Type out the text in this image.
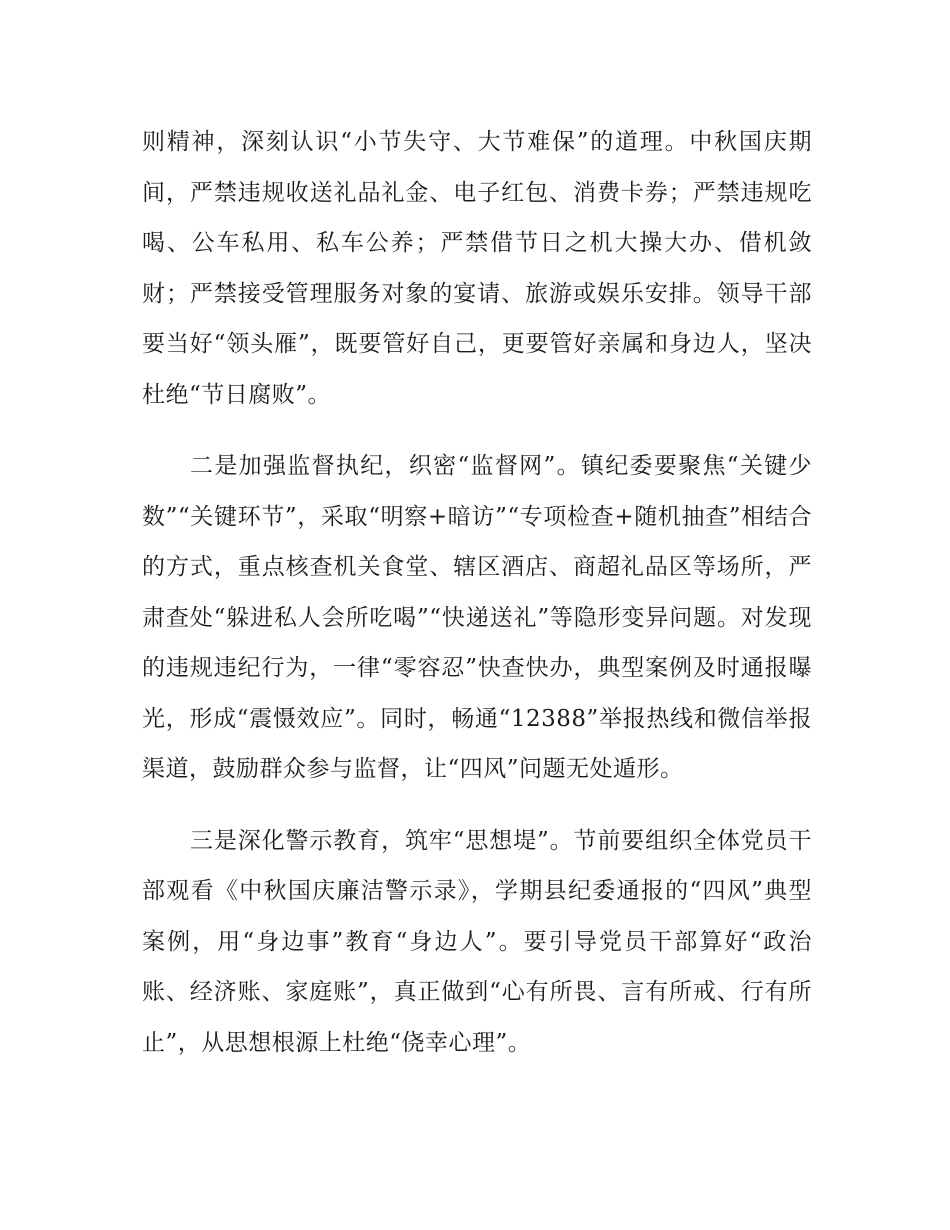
则精神，深刻认识“小节失守、大节难保”的道理。中秋国庆期间，严禁违规收送礼品礼金、电子红包、消费卡券；严禁违规吃喝、公车私用、私车公养；严禁借节日之机大操大办、借机敛财；严禁接受管理服务对象的宴请、旅游或娱乐安排。领导干部要当好“领头雁”，既要管好自己，更要管好亲属和身边人，坚决杜绝“节日腐败”。

二是加强监督执纪，织密“监督网”。镇纪委要聚焦“关键少数”“关键环节”，采取“明察+暗访”“专项检查+随机抽查”相结合的方式，重点核查机关食堂、辖区酒店、商超礼品区等场所，严肃查处“躲进私人会所吃喝”“快递送礼”等隐形变异问题。对发现的违规违纪行为，一律“零容忍”快查快办，典型案例及时通报曝光，形成“震慑效应”。同时，畅通“12388”举报热线和微信举报渠道，鼓励群众参与监督，让“四风”问题无处遁形。

三是深化警示教育，筑牢“思想堤”。节前要组织全体党员干部观看《中秋国庆廉洁警示录》，学期县纪委通报的“四风”典型案例，用“身边事”教育“身边人”。要引导党员干部算好“政治账、经济账、家庭账”，真正做到“心有所畏、言有所戒、行有所止”，从思想根源上杜绝“侥幸心理”。
